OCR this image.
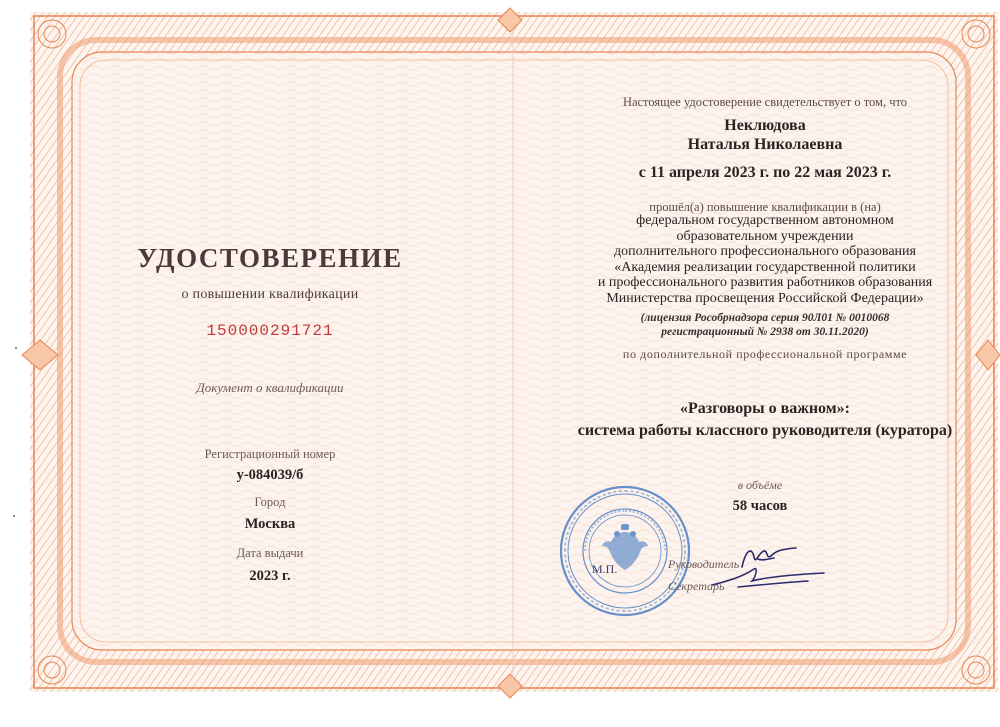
УДОСТОВЕРЕНИЕ
о повышении квалификации
150000291721
Документ о квалификации
Регистрационный номер
у-084039/б
Город
Москва
Дата выдачи
2023 г.
Настоящее удостоверение свидетельствует о том, что
Неклюдова
Наталья Николаевна
с 11 апреля 2023 г. по 22 мая 2023 г.
прошёл(а) повышение квалификации в (на)
федеральном государственном автономном
образовательном учреждении
дополнительного профессионального образования
«Академия реализации государственной политики
и профессионального развития работников образования
Министерства просвещения Российской Федерации»
(лицензия Рособрнадзора серия 90Л01 № 0010068
регистрационный № 2938 от 30.11.2020)
по дополнительной профессиональной программе
«Разговоры о важном»:
система работы классного руководителя (куратора)
в объёме
58 часов
М.П.	Руководитель
Секретарь
